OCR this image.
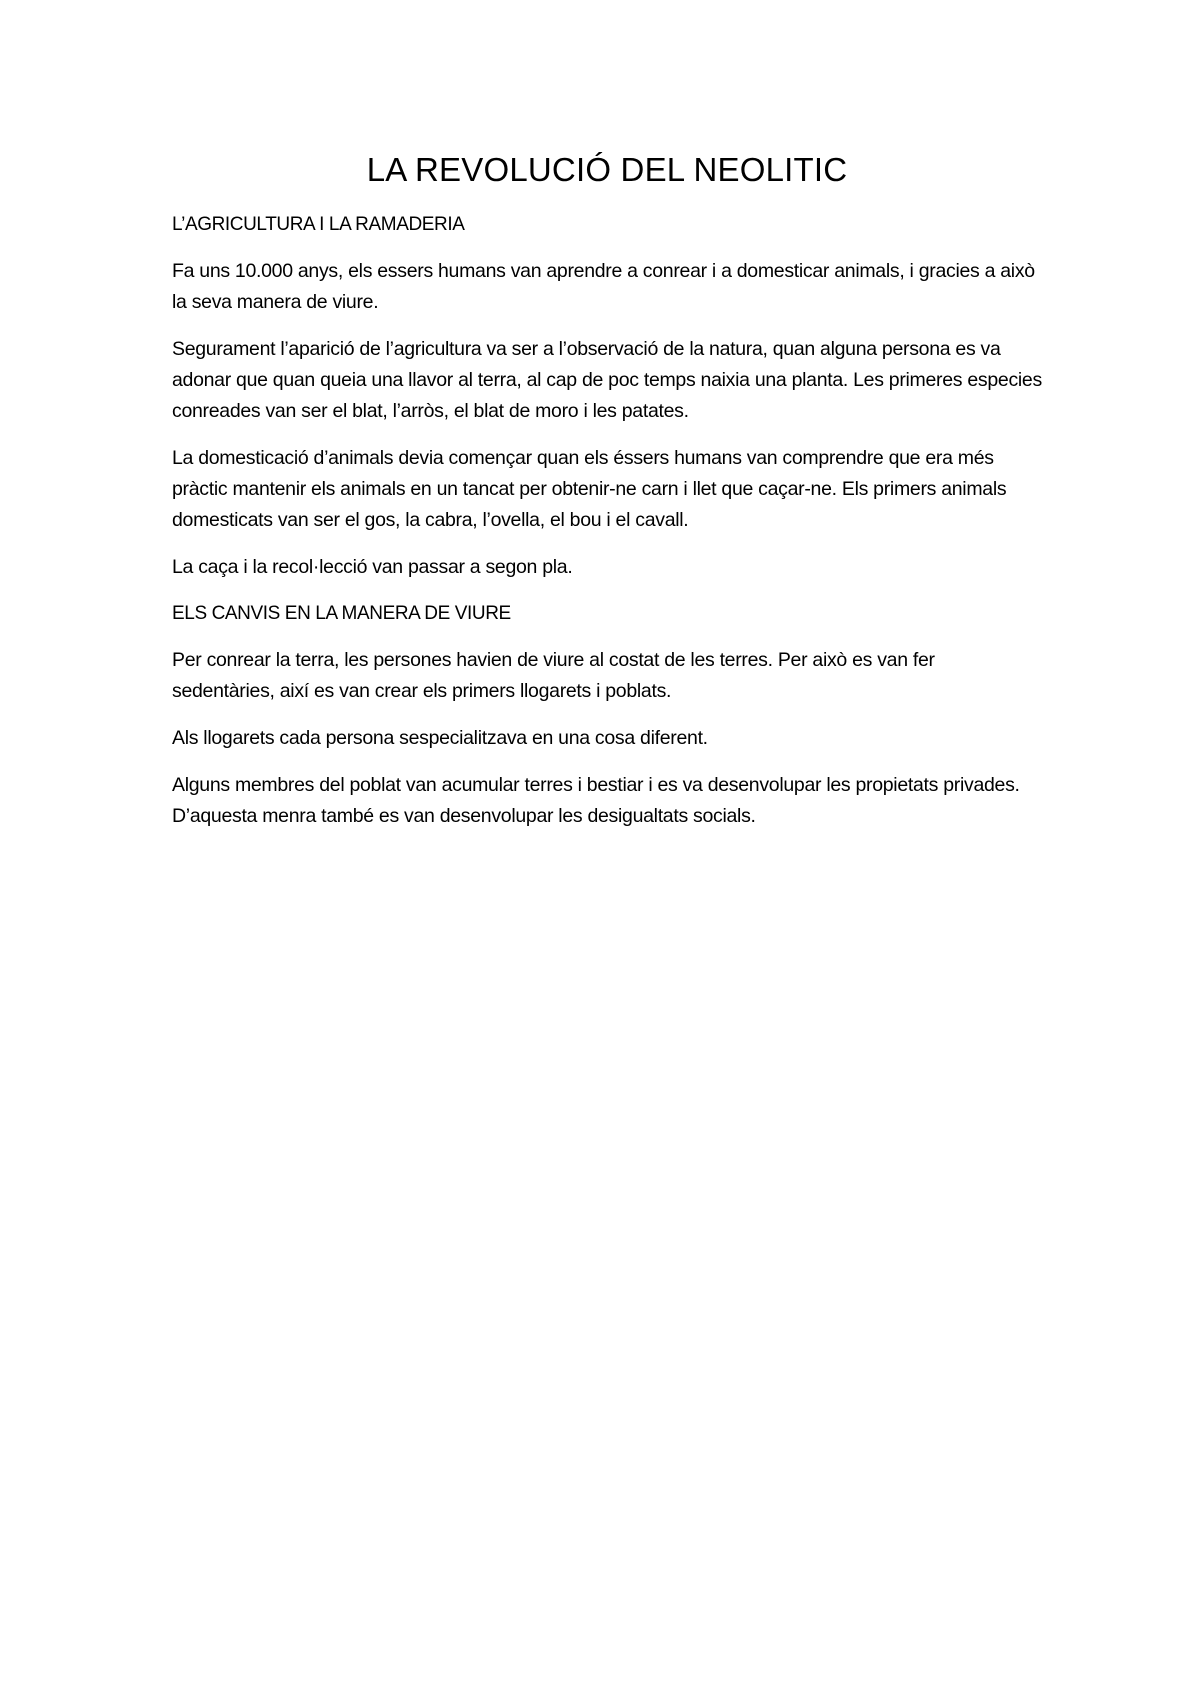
LA REVOLUCIÓ DEL NEOLITIC

L’AGRICULTURA I LA RAMADERIA

Fa uns 10.000 anys, els essers humans van aprendre a conrear i a domesticar animals, i gracies a això la seva manera de viure.

Segurament l’aparició de l’agricultura va ser a l’observació de la natura, quan alguna persona es va adonar que quan queia una llavor al terra, al cap de poc temps naixia una planta. Les primeres especies conreades van ser el blat, l’arròs, el blat de moro i les patates.

La domesticació d’animals devia començar quan els éssers humans van comprendre que era més pràctic mantenir els animals en un tancat per obtenir-ne carn i llet que caçar-ne. Els primers animals domesticats van ser el gos, la cabra, l’ovella, el bou i el cavall.

La caça i la recol·lecció van passar a segon pla.

ELS CANVIS EN LA MANERA DE VIURE

Per conrear la terra, les persones havien de viure al costat de les terres. Per això es van fer sedentàries, així es van crear els primers llogarets i poblats.

Als llogarets cada persona sespecialitzava en una cosa diferent.

Alguns membres del poblat van acumular terres i bestiar i es va desenvolupar les propietats privades. D’aquesta menra també es van desenvolupar les desigualtats socials.
